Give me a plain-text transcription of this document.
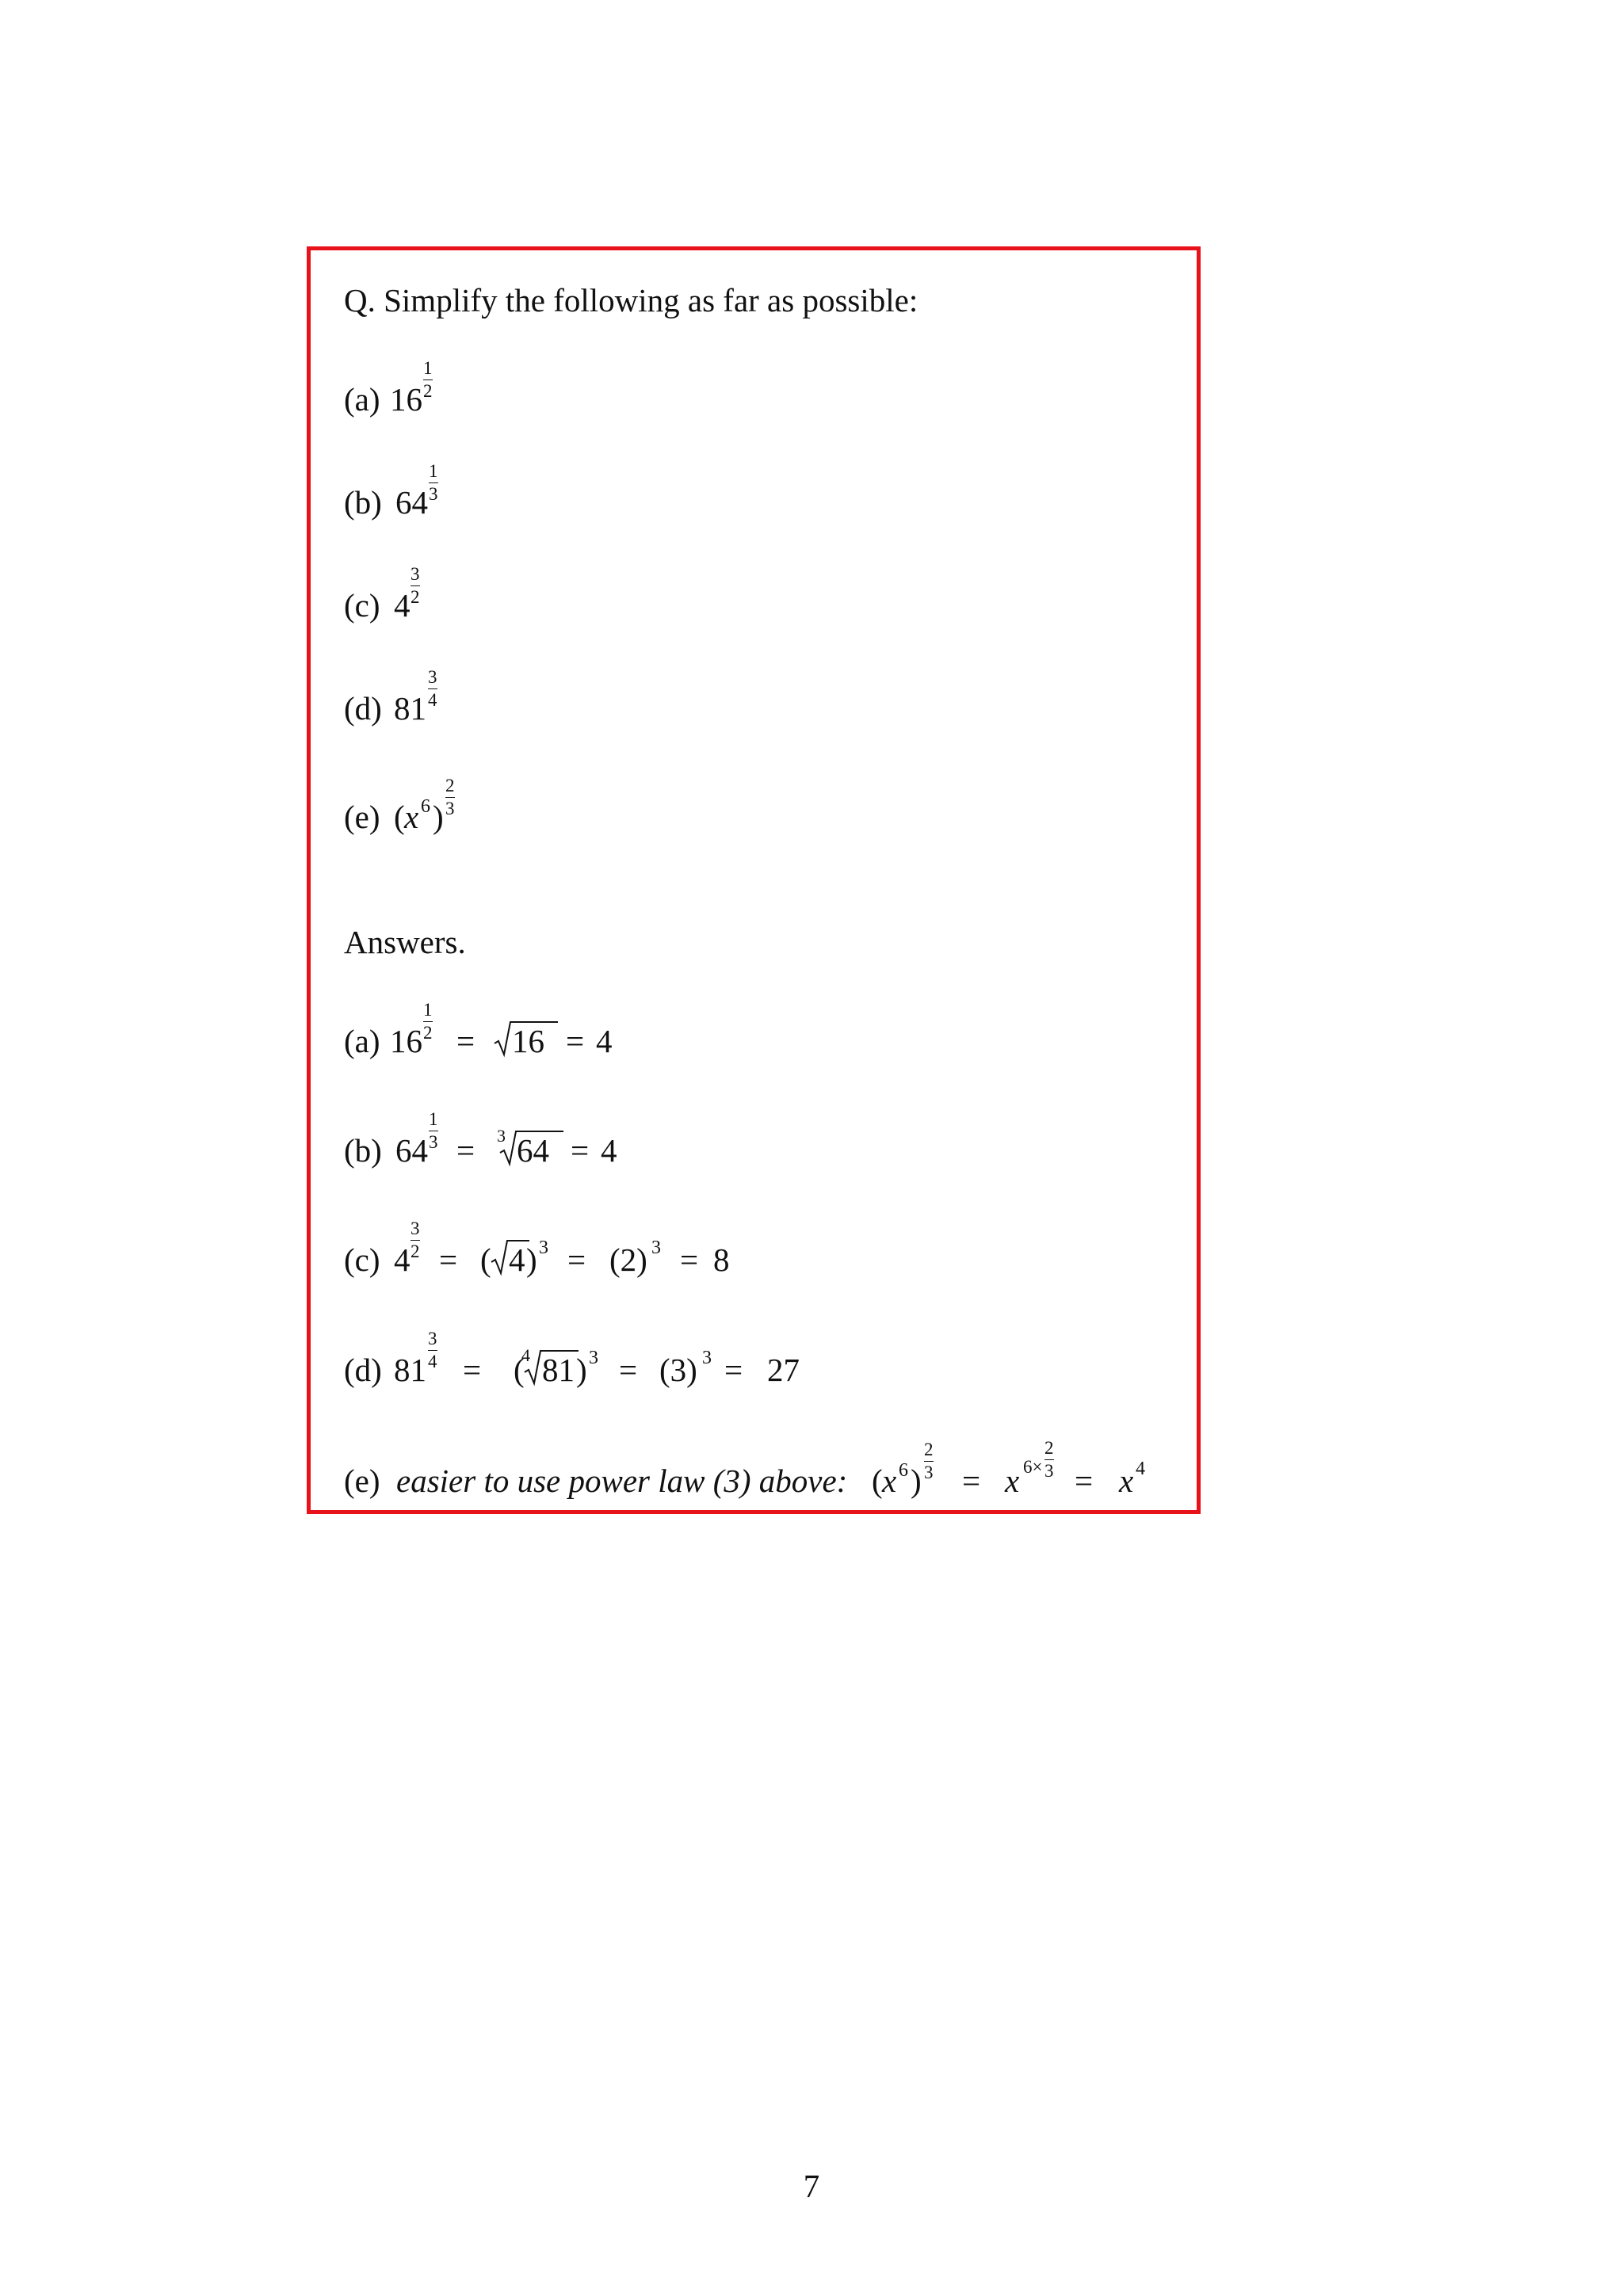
Q. Simplify the following as far as possible:
(a) 16
1
2
(b) 64
1
3
(c) 4
3
2
(d) 81
3
4
(e) ( x 6 )
2
3
Answers.
(a) 16
1
2 = 16 = 4
(b) 64
1
3 = 3 64 = 4
(c) 4
3
2 = ( 4 ) 3 = (2) 3 = 8
(d) 81
3
4 = (
4 81 ) 3 = (3) 3 = 27
(e) easier to use power law (3) above: ( x 6 )
2
3 = x 6×
2
3 = x 4
7
